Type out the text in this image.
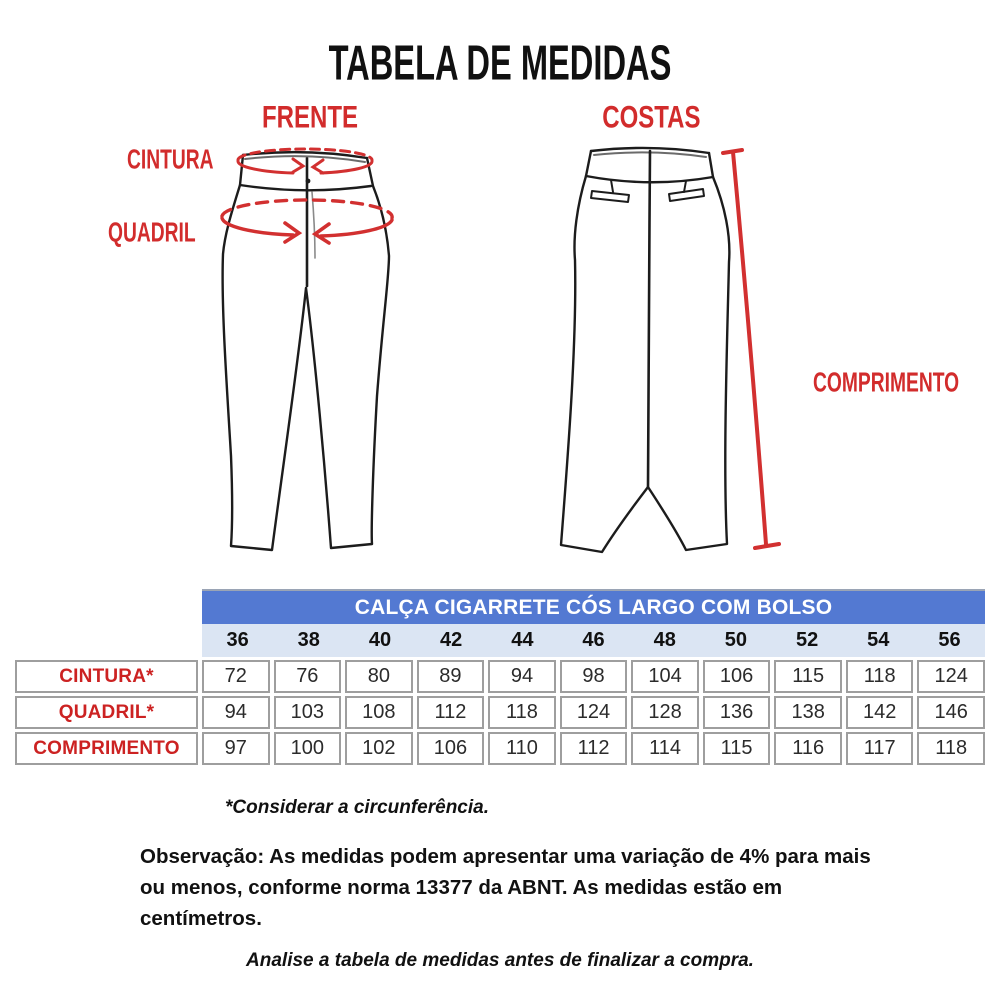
TABELA DE MEDIDAS
FRENTE	COSTAS
CINTURA
QUADRIL
COMPRIMENTO
CALÇA CIGARRETE CÓS LARGO COM BOLSO
36	38	40	42	44	46	48	50	52	54	56
CINTURA*	72	76	80	89	94	98	104	106	115	118	124
QUADRIL*	94	103	108	112	118	124	128	136	138	142	146
COMPRIMENTO	97	100	102	106	110	112	114	115	116	117	118
*Considerar a circunferência.
Observação: As medidas podem apresentar uma variação de 4% para mais
ou menos, conforme norma 13377 da ABNT. As medidas estão em
centímetros.
Analise a tabela de medidas antes de finalizar a compra.
